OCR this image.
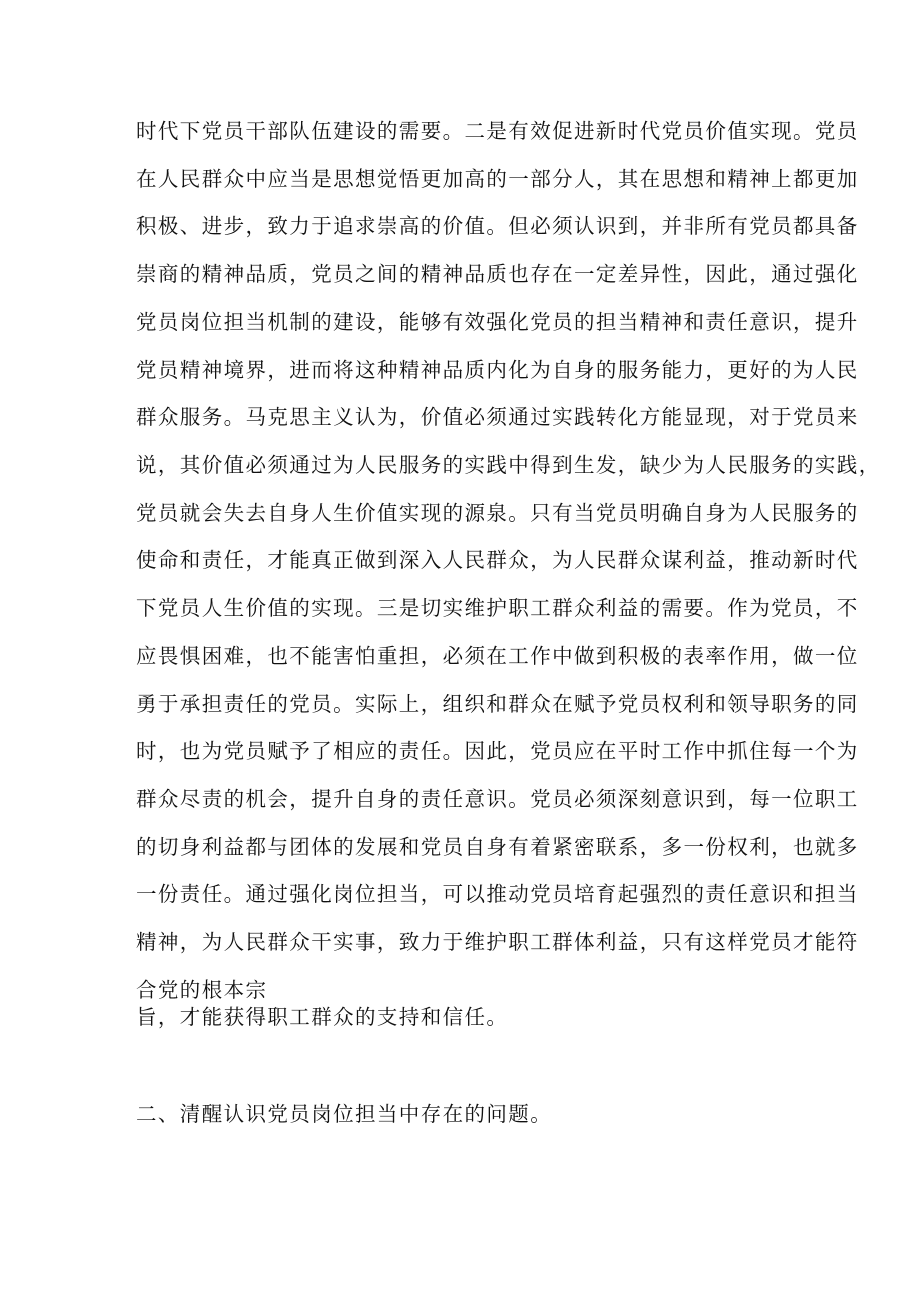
时代下党员干部队伍建设的需要。二是有效促进新时代党员价值实现。党员
在人民群众中应当是思想觉悟更加高的一部分人，其在思想和精神上都更加
积极、进步，致力于追求崇高的价值。但必须认识到，并非所有党员都具备
崇商的精神品质，党员之间的精神品质也存在一定差异性，因此，通过强化
党员岗位担当机制的建设，能够有效强化党员的担当精神和责任意识，提升
党员精神境界，进而将这种精神品质内化为自身的服务能力，更好的为人民
群众服务。马克思主义认为，价值必须通过实践转化方能显现，对于党员来
说，其价值必须通过为人民服务的实践中得到生发，缺少为人民服务的实践，
党员就会失去自身人生价值实现的源泉。只有当党员明确自身为人民服务的
使命和责任，才能真正做到深入人民群众，为人民群众谋利益，推动新时代
下党员人生价值的实现。三是切实维护职工群众利益的需要。作为党员，不
应畏惧困难，也不能害怕重担，必须在工作中做到积极的表率作用，做一位
勇于承担责任的党员。实际上，组织和群众在赋予党员权利和领导职务的同
时，也为党员赋予了相应的责任。因此，党员应在平时工作中抓住每一个为
群众尽责的机会，提升自身的责任意识。党员必须深刻意识到，每一位职工
的切身利益都与团体的发展和党员自身有着紧密联系，多一份权利，也就多
一份责任。通过强化岗位担当，可以推动党员培育起强烈的责任意识和担当
精神，为人民群众干实事，致力于维护职工群体利益，只有这样党员才能符
合党的根本宗
旨，才能获得职工群众的支持和信任。
二、清醒认识党员岗位担当中存在的问题。
